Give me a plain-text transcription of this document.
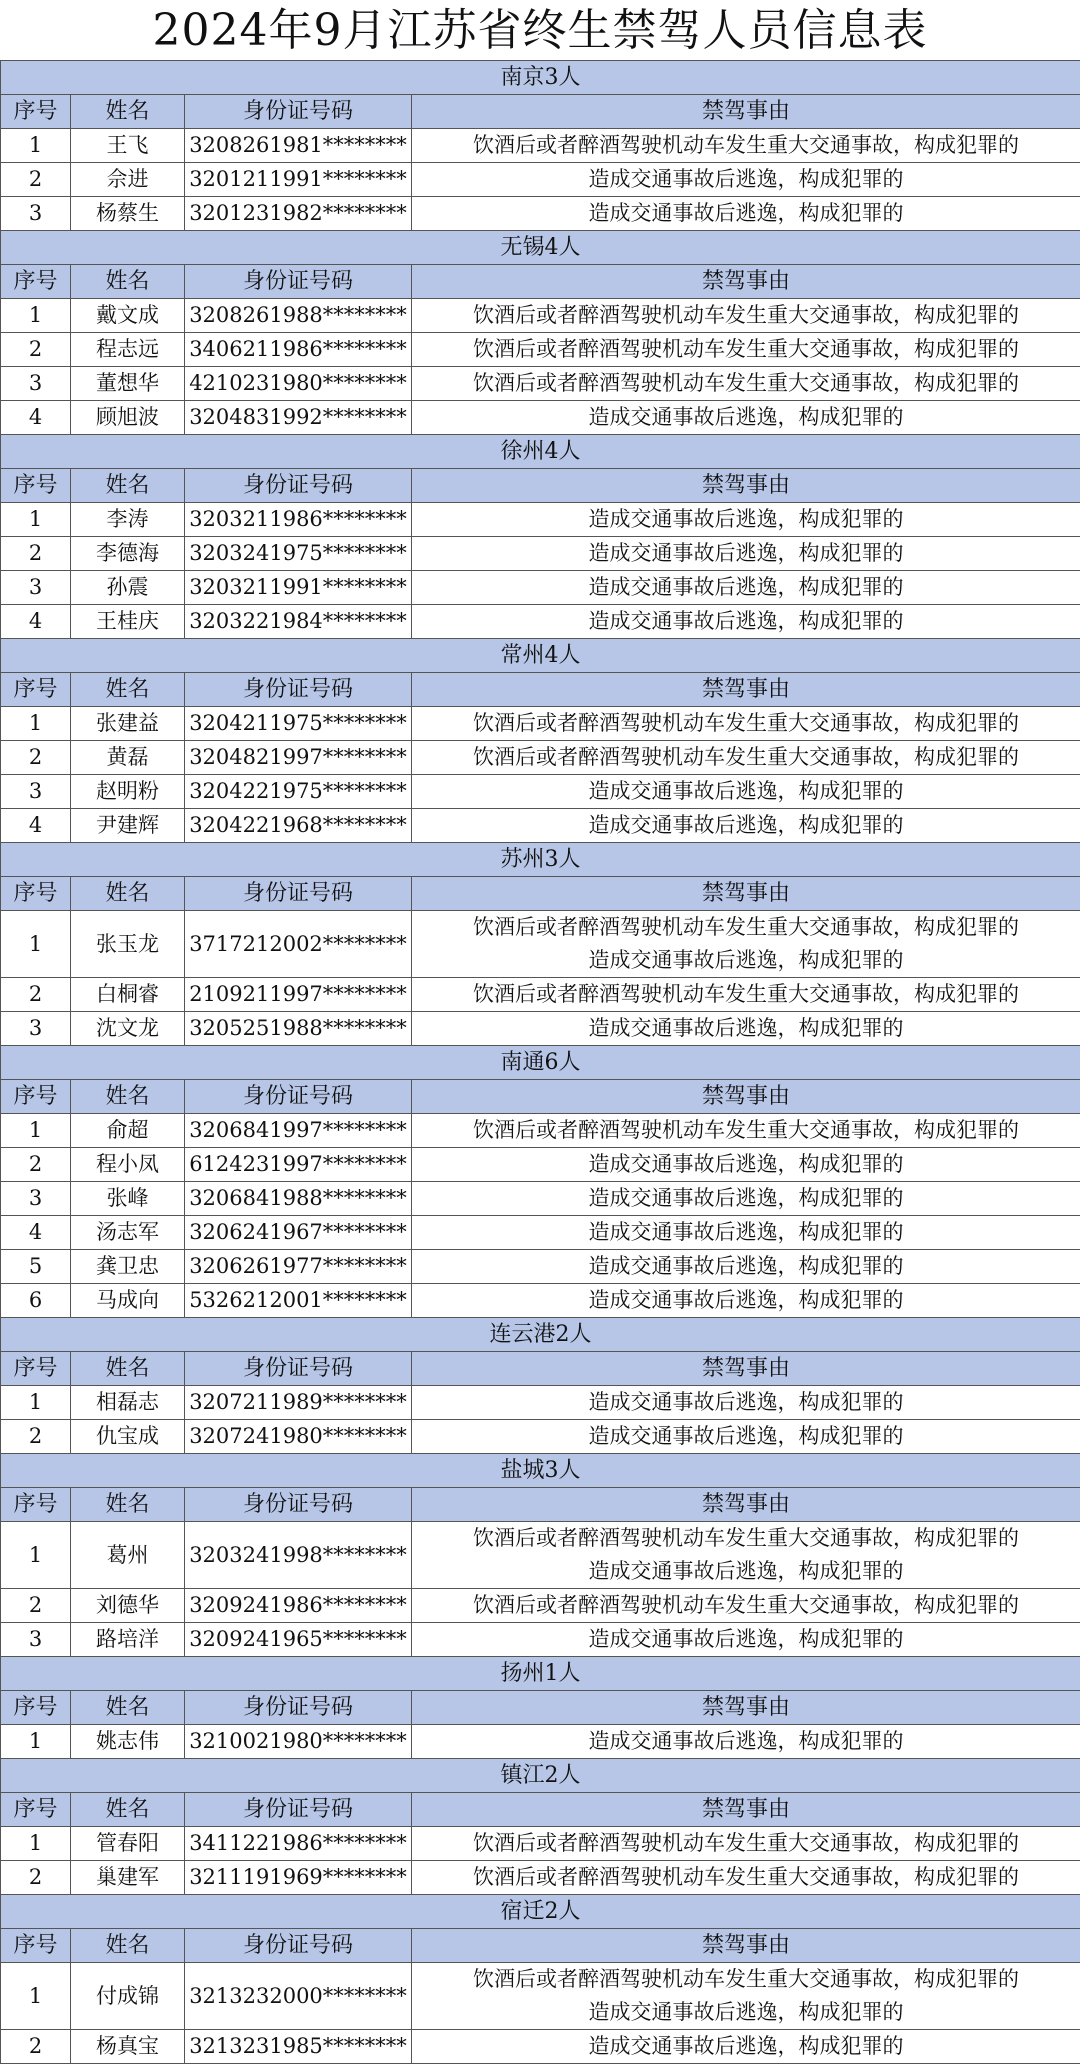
2024年9月江苏省终生禁驾人员信息表
南京3人			
序号	姓名	身份证号码	禁驾事由
1	王飞	3208261981********	饮酒后或者醉酒驾驶机动车发生重大交通事故，构成犯罪的

2	佘进	3201211991********	造成交通事故后逃逸，构成犯罪的

3	杨蔡生	3201231982********	造成交通事故后逃逸，构成犯罪的

无锡4人			
序号	姓名	身份证号码	禁驾事由
1	戴文成	3208261988********	饮酒后或者醉酒驾驶机动车发生重大交通事故，构成犯罪的

2	程志远	3406211986********	饮酒后或者醉酒驾驶机动车发生重大交通事故，构成犯罪的

3	董想华	4210231980********	饮酒后或者醉酒驾驶机动车发生重大交通事故，构成犯罪的

4	顾旭波	3204831992********	造成交通事故后逃逸，构成犯罪的

徐州4人			
序号	姓名	身份证号码	禁驾事由
1	李涛	3203211986********	造成交通事故后逃逸，构成犯罪的

2	李德海	3203241975********	造成交通事故后逃逸，构成犯罪的

3	孙震	3203211991********	造成交通事故后逃逸，构成犯罪的

4	王桂庆	3203221984********	造成交通事故后逃逸，构成犯罪的

常州4人			
序号	姓名	身份证号码	禁驾事由
1	张建益	3204211975********	饮酒后或者醉酒驾驶机动车发生重大交通事故，构成犯罪的

2	黄磊	3204821997********	饮酒后或者醉酒驾驶机动车发生重大交通事故，构成犯罪的

3	赵明粉	3204221975********	造成交通事故后逃逸，构成犯罪的

4	尹建辉	3204221968********	造成交通事故后逃逸，构成犯罪的

苏州3人			
序号	姓名	身份证号码	禁驾事由
1	张玉龙	3717212002********	饮酒后或者醉酒驾驶机动车发生重大交通事故，构成犯罪的
造成交通事故后逃逸，构成犯罪的

2	白桐睿	2109211997********	饮酒后或者醉酒驾驶机动车发生重大交通事故，构成犯罪的

3	沈文龙	3205251988********	造成交通事故后逃逸，构成犯罪的

南通6人			
序号	姓名	身份证号码	禁驾事由
1	俞超	3206841997********	饮酒后或者醉酒驾驶机动车发生重大交通事故，构成犯罪的

2	程小凤	6124231997********	造成交通事故后逃逸，构成犯罪的

3	张峰	3206841988********	造成交通事故后逃逸，构成犯罪的

4	汤志军	3206241967********	造成交通事故后逃逸，构成犯罪的

5	龚卫忠	3206261977********	造成交通事故后逃逸，构成犯罪的

6	马成向	5326212001********	造成交通事故后逃逸，构成犯罪的

连云港2人			
序号	姓名	身份证号码	禁驾事由
1	相磊志	3207211989********	造成交通事故后逃逸，构成犯罪的

2	仇宝成	3207241980********	造成交通事故后逃逸，构成犯罪的

盐城3人			
序号	姓名	身份证号码	禁驾事由
1	葛州	3203241998********	饮酒后或者醉酒驾驶机动车发生重大交通事故，构成犯罪的
造成交通事故后逃逸，构成犯罪的

2	刘德华	3209241986********	饮酒后或者醉酒驾驶机动车发生重大交通事故，构成犯罪的

3	路培洋	3209241965********	造成交通事故后逃逸，构成犯罪的

扬州1人			
序号	姓名	身份证号码	禁驾事由
1	姚志伟	3210021980********	造成交通事故后逃逸，构成犯罪的

镇江2人			
序号	姓名	身份证号码	禁驾事由
1	管春阳	3411221986********	饮酒后或者醉酒驾驶机动车发生重大交通事故，构成犯罪的

2	巢建军	3211191969********	饮酒后或者醉酒驾驶机动车发生重大交通事故，构成犯罪的

宿迁2人			
序号	姓名	身份证号码	禁驾事由
1	付成锦	3213232000********	饮酒后或者醉酒驾驶机动车发生重大交通事故，构成犯罪的
造成交通事故后逃逸，构成犯罪的

2	杨真宝	3213231985********	造成交通事故后逃逸，构成犯罪的
